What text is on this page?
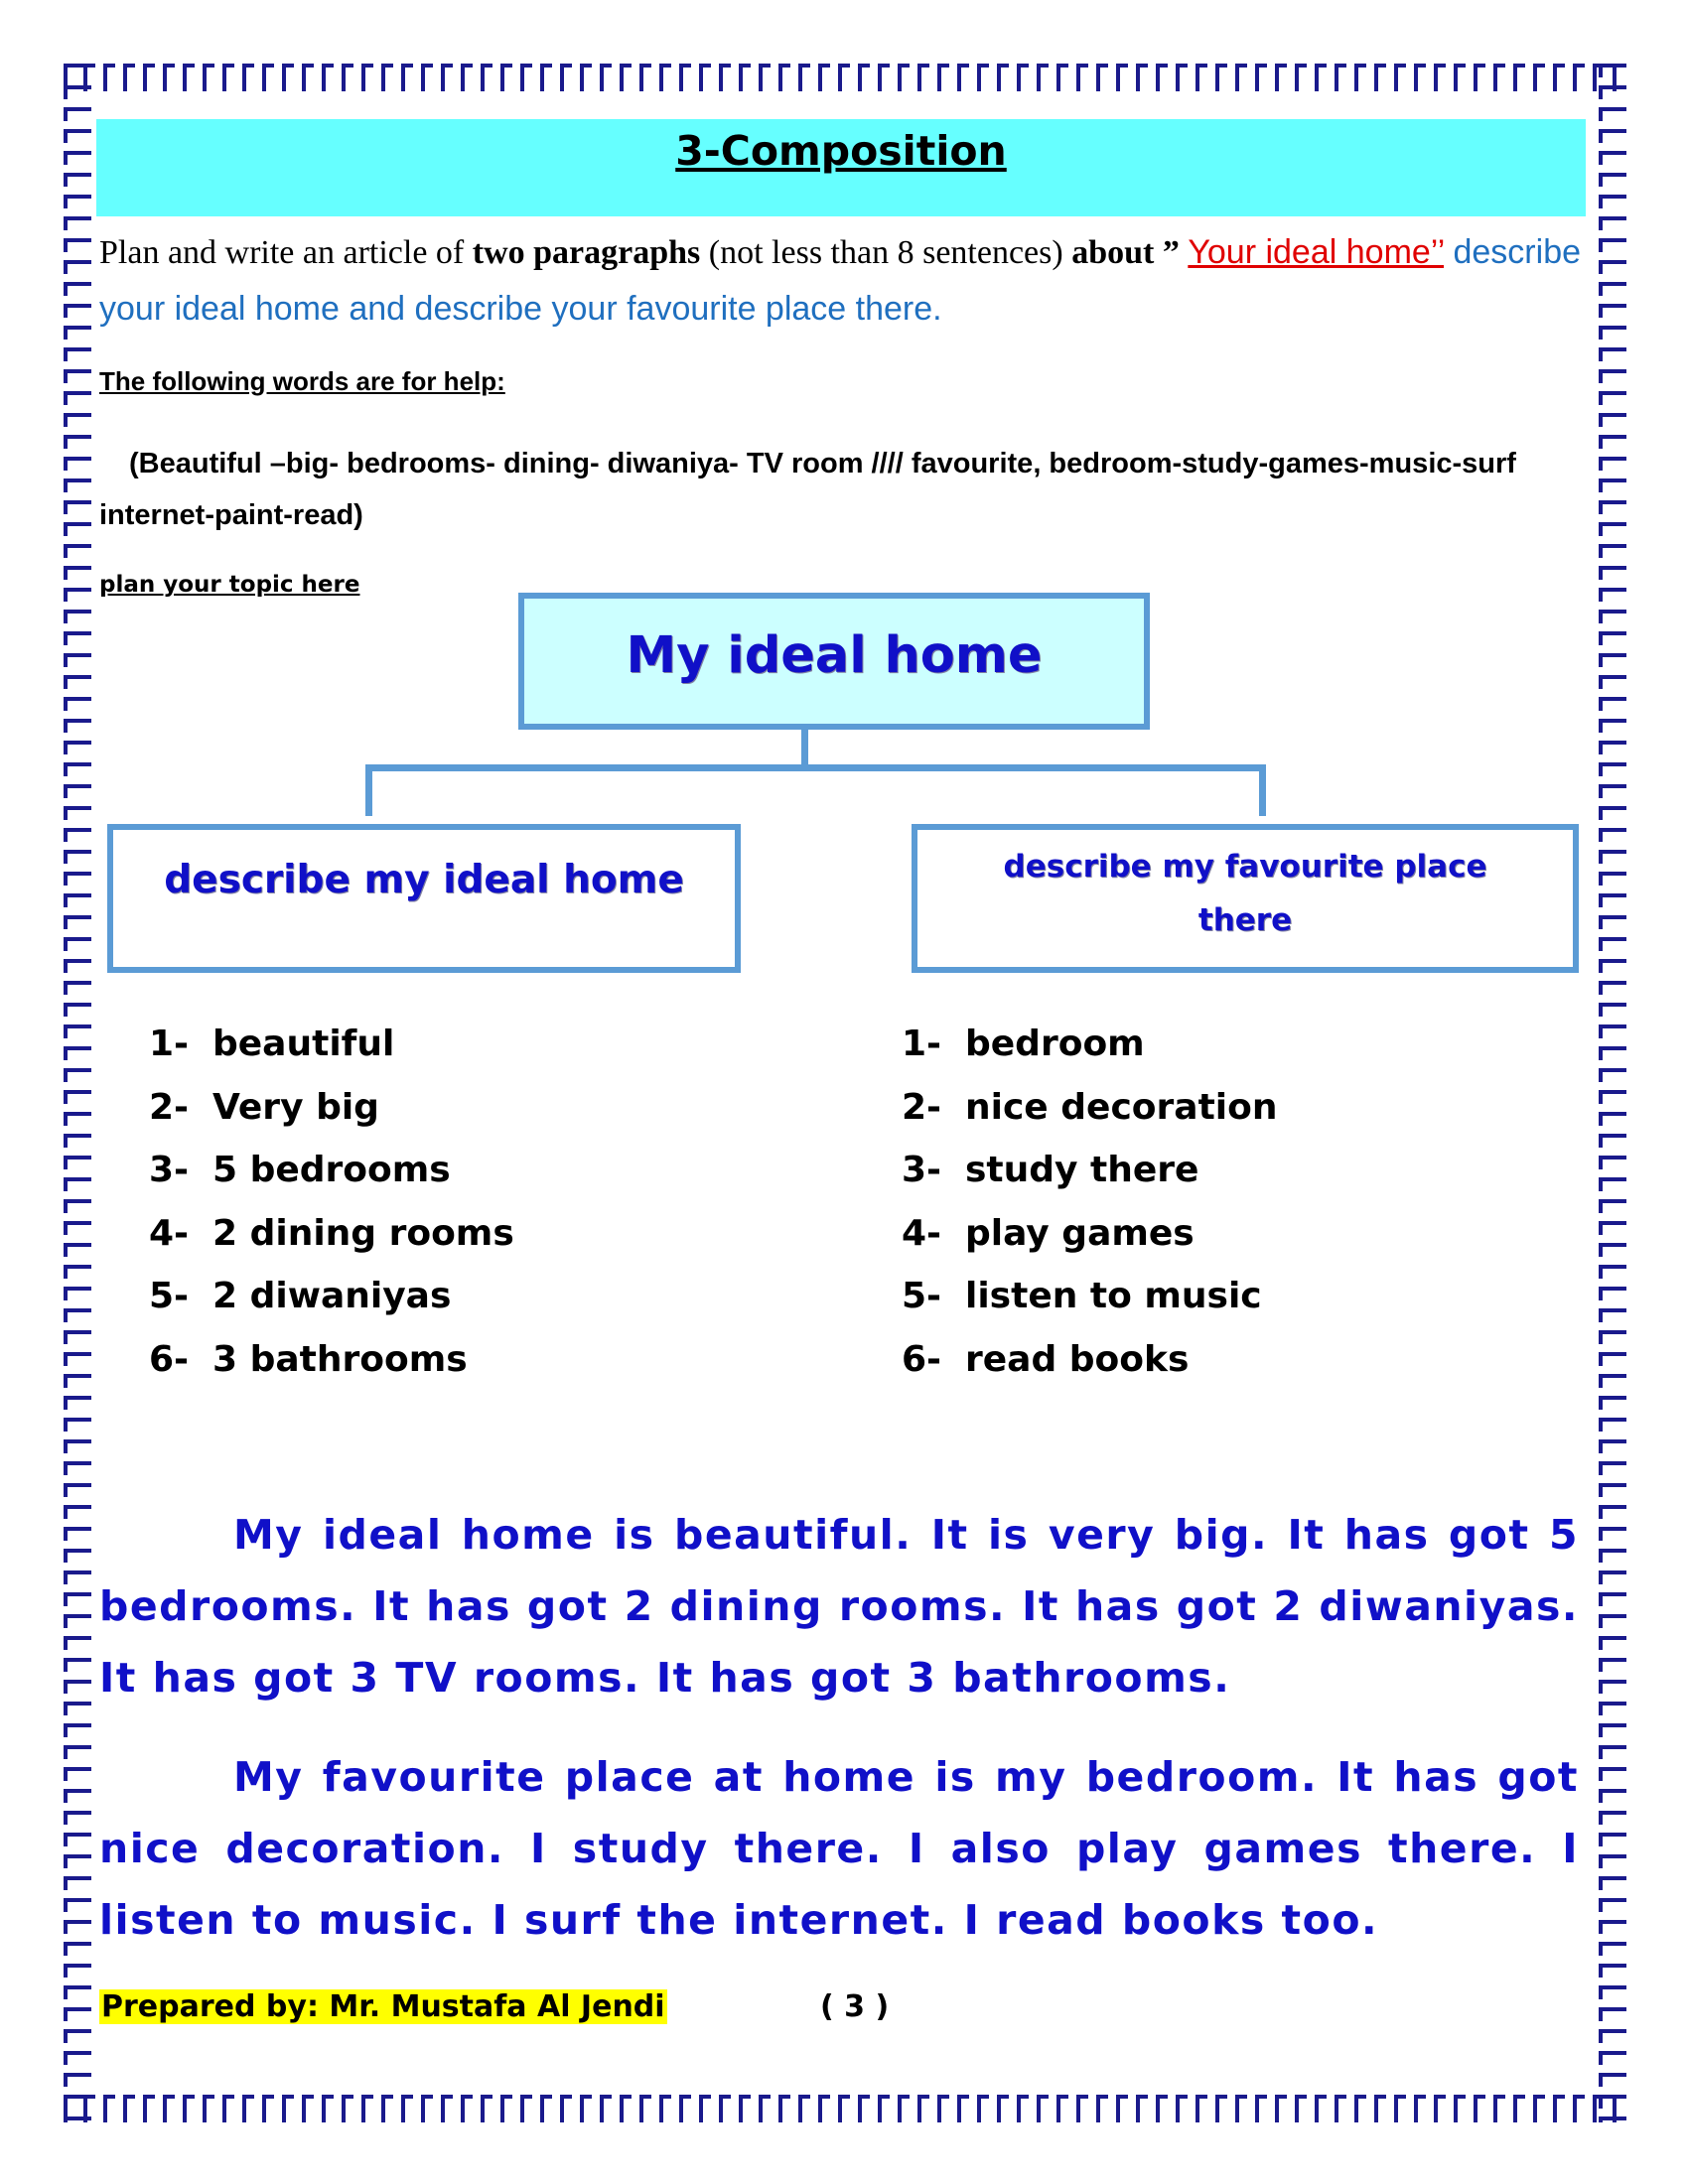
3-Composition
Plan and write an article of two paragraphs (not less than 8 sentences) about ” Your ideal home’’ describe your ideal home and describe your favourite place there.
The following words are for help:
(Beautiful –big- bedrooms- dining- diwaniya- TV room //// favourite, bedroom-study-games-music-surf internet-paint-read)
plan your topic here
My ideal home
describe my ideal home	describe my favourite place there
1- beautiful
2- Very big
3- 5 bedrooms
4- 2 dining rooms
5- 2 diwaniyas
6- 3 bathrooms
1- bedroom
2- nice decoration
3- study there
4- play games
5- listen to music
6- read books
My ideal home is beautiful. It is very big. It has got 5 bedrooms. It has got 2 dining rooms. It has got 2 diwaniyas. It has got 3 TV rooms. It has got 3 bathrooms.
My favourite place at home is my bedroom. It has got nice decoration. I study there. I also play games there. I listen to music. I surf the internet. I read books too.
Prepared by: Mr. Mustafa Al Jendi	( 3 )
